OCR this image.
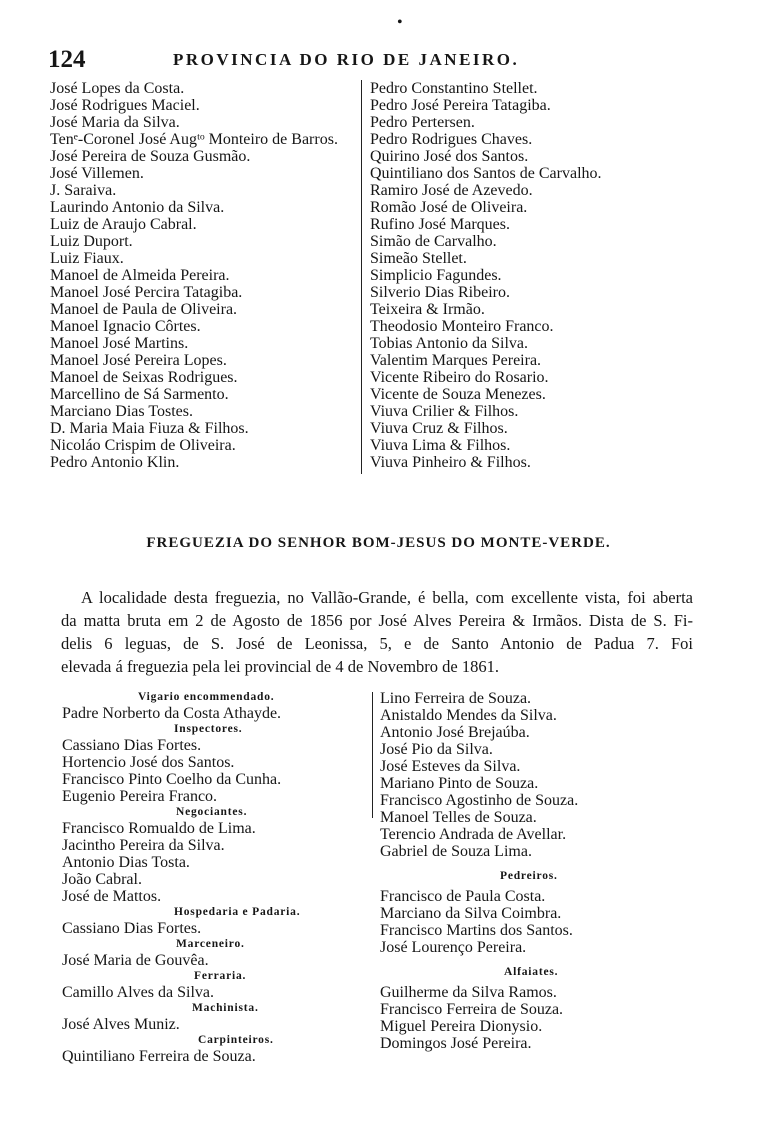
124	PROVINCIA DO RIO DE JANEIRO.
•
José Lopes da Costa.
José Rodrigues Maciel.
José Maria da Silva.
Tenᵉ-Coronel José Augᵗᵒ Monteiro de Barros.
José Pereira de Souza Gusmão.
José Villemen.
J. Saraiva.
Laurindo Antonio da Silva.
Luiz de Araujo Cabral.
Luiz Duport.
Luiz Fiaux.
Manoel de Almeida Pereira.
Manoel José Percira Tatagiba.
Manoel de Paula de Oliveira.
Manoel Ignacio Côrtes.
Manoel José Martins.
Manoel José Pereira Lopes.
Manoel de Seixas Rodrigues.
Marcellino de Sá Sarmento.
Marciano Dias Tostes.
D. Maria Maia Fiuza & Filhos.
Nicoláo Crispim de Oliveira.
Pedro Antonio Klin.
Pedro Constantino Stellet.
Pedro José Pereira Tatagiba.
Pedro Pertersen.
Pedro Rodrigues Chaves.
Quirino José dos Santos.
Quintiliano dos Santos de Carvalho.
Ramiro José de Azevedo.
Romão José de Oliveira.
Rufino José Marques.
Simão de Carvalho.
Simeão Stellet.
Simplicio Fagundes.
Silverio Dias Ribeiro.
Teixeira & Irmão.
Theodosio Monteiro Franco.
Tobias Antonio da Silva.
Valentim Marques Pereira.
Vicente Ribeiro do Rosario.
Vicente de Souza Menezes.
Viuva Crilier & Filhos.
Viuva Cruz & Filhos.
Viuva Lima & Filhos.
Viuva Pinheiro & Filhos.
FREGUEZIA DO SENHOR BOM-JESUS DO MONTE-VERDE.

A localidade desta freguezia, no Vallão-Grande, é bella, com excellente vista, foi aberta
da matta bruta em 2 de Agosto de 1856 por José Alves Pereira & Irmãos. Dista de S. Fi-
delis 6 leguas, de S. José de Leonissa, 5, e de Santo Antonio de Padua 7. Foi
elevada á freguezia pela lei provincial de 4 de Novembro de 1861.

Vigario encommendado.
Padre Norberto da Costa Athayde.
Inspectores.
Cassiano Dias Fortes.
Hortencio José dos Santos.
Francisco Pinto Coelho da Cunha.
Eugenio Pereira Franco.
Negociantes.
Francisco Romualdo de Lima.
Jacintho Pereira da Silva.
Antonio Dias Tosta.
João Cabral.
José de Mattos.
Hospedaria e Padaria.
Cassiano Dias Fortes.
Marceneiro.
José Maria de Gouvêa.
Ferraria.
Camillo Alves da Silva.
Machinista.
José Alves Muniz.
Carpinteiros.
Quintiliano Ferreira de Souza.
Lino Ferreira de Souza.
Anistaldo Mendes da Silva.
Antonio José Brejaúba.
José Pio da Silva.
José Esteves da Silva.
Mariano Pinto de Souza.
Francisco Agostinho de Souza.
Manoel Telles de Souza.
Terencio Andrada de Avellar.
Gabriel de Souza Lima.
Pedreiros.
Francisco de Paula Costa.
Marciano da Silva Coimbra.
Francisco Martins dos Santos.
José Lourenço Pereira.
Alfaiates.
Guilherme da Silva Ramos.
Francisco Ferreira de Souza.
Miguel Pereira Dionysio.
Domingos José Pereira.
